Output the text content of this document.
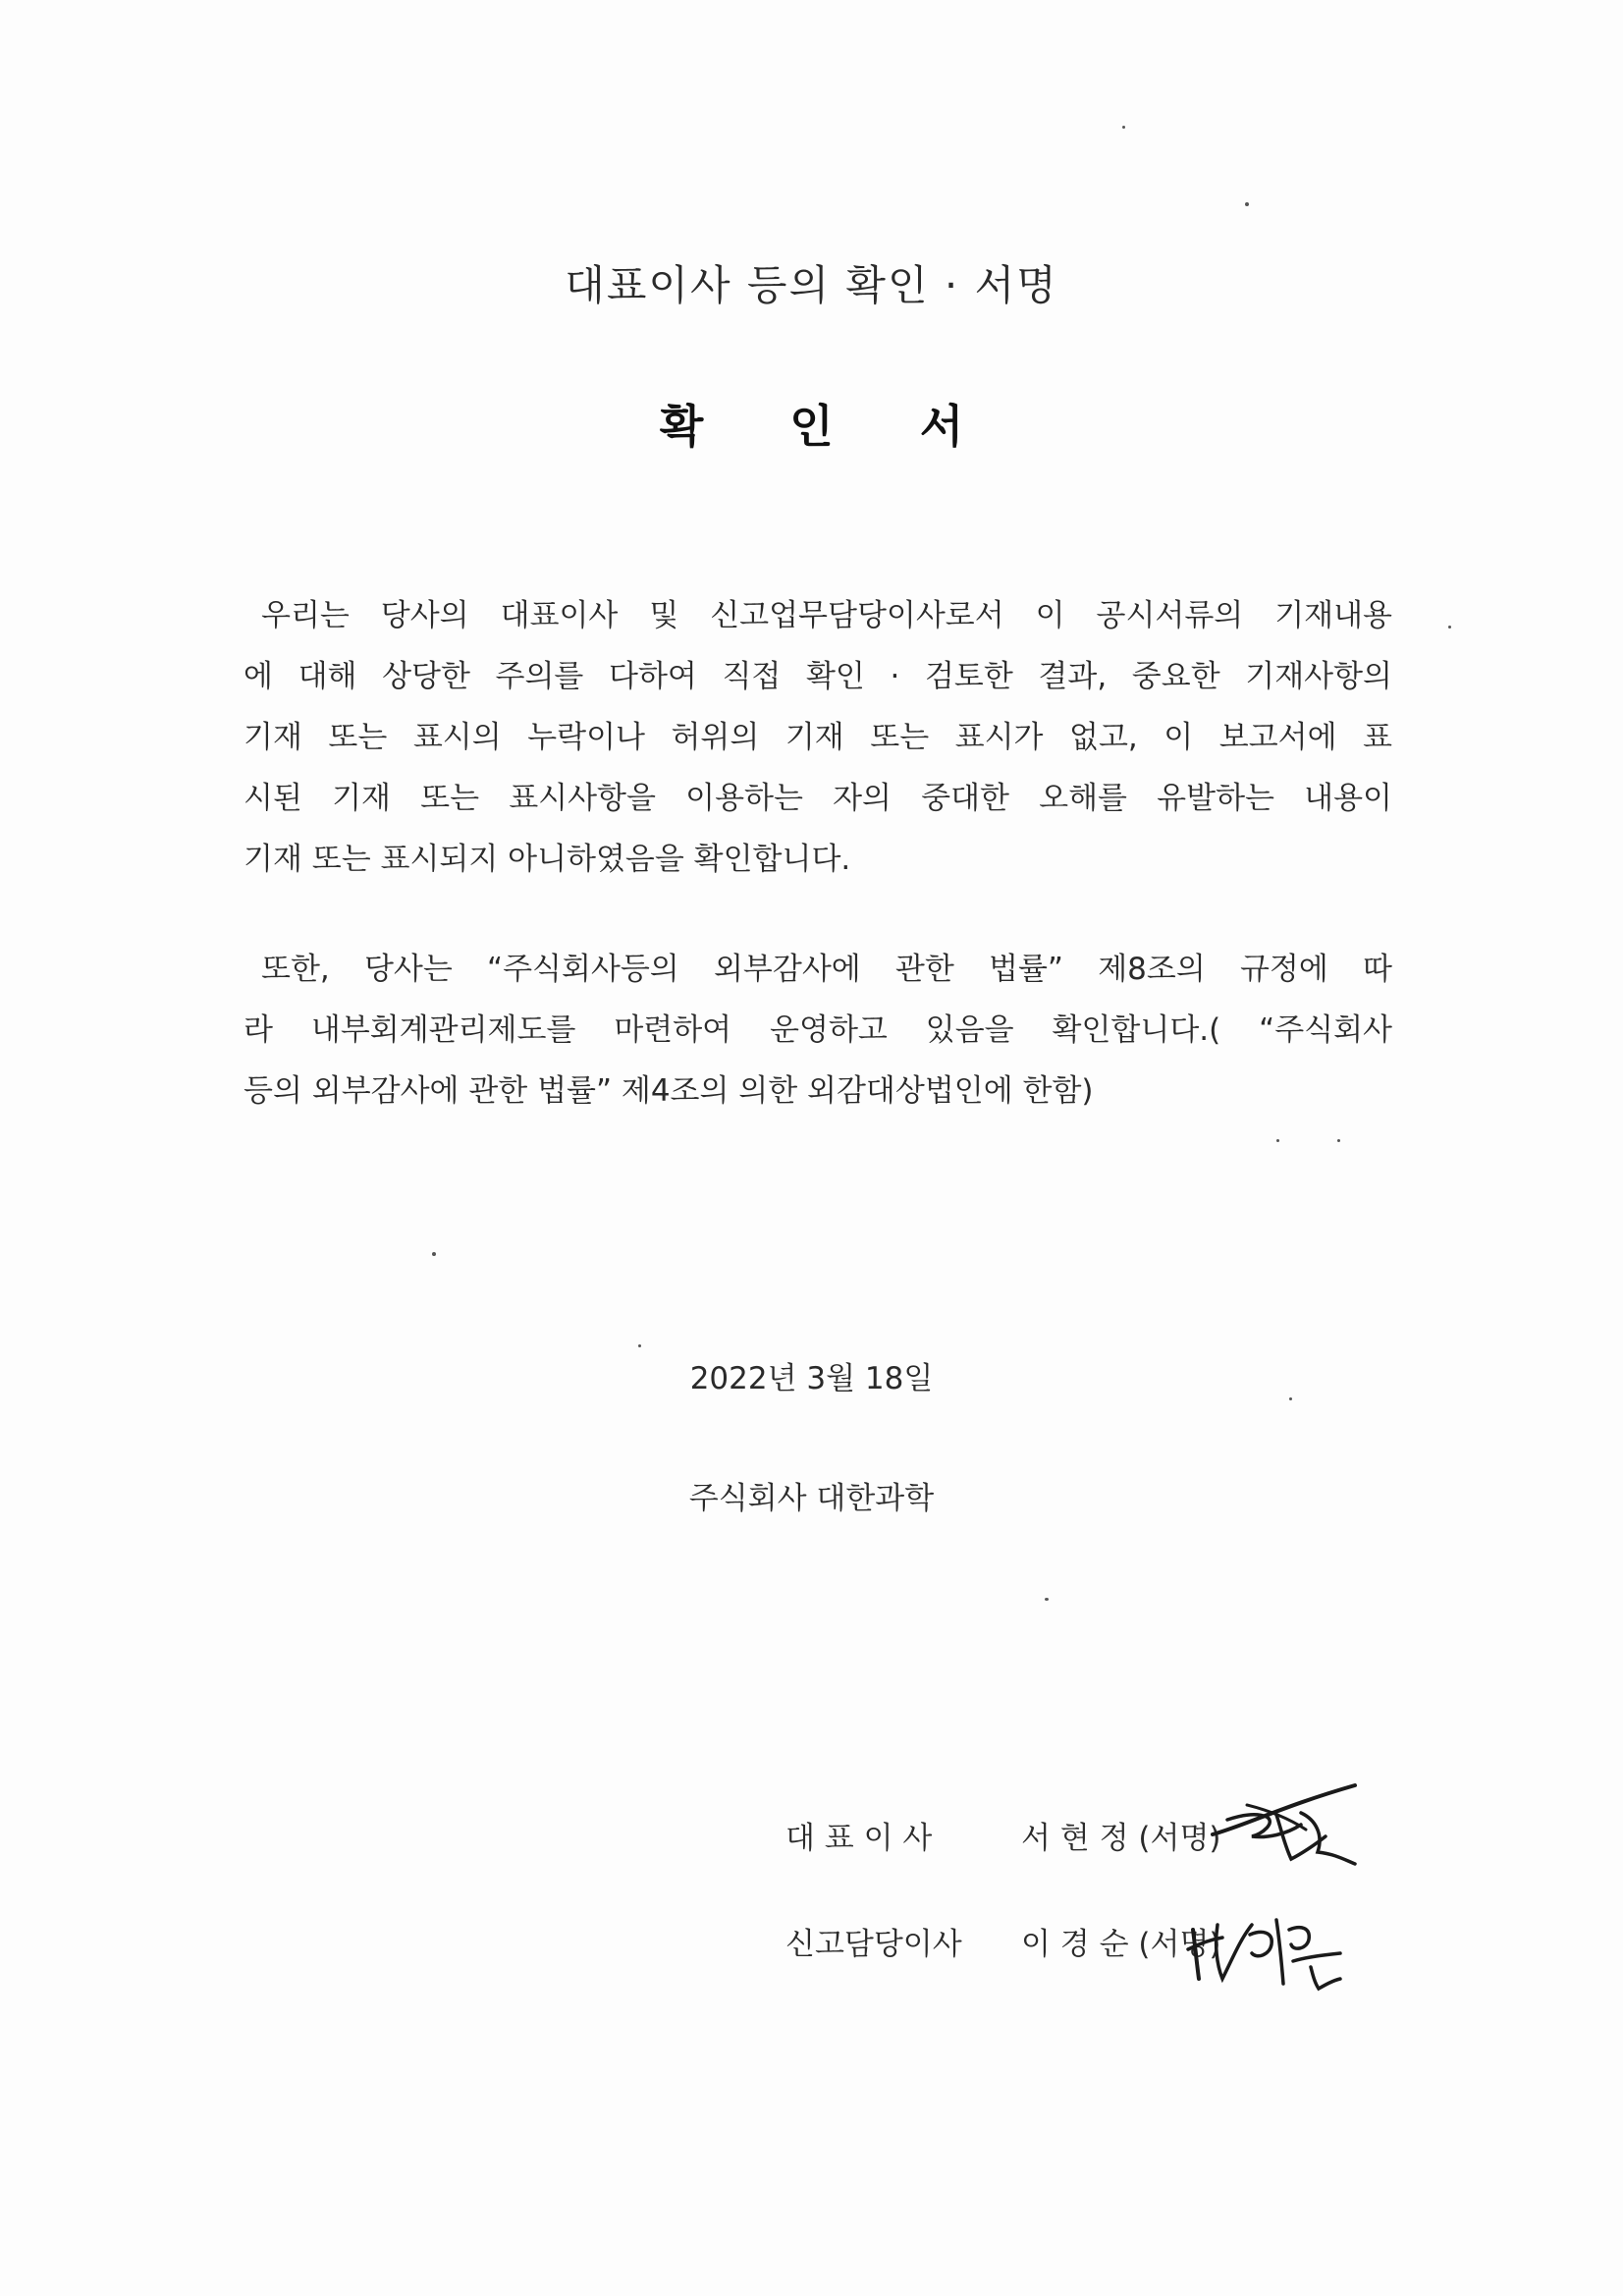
대표이사 등의 확인 · 서명
확 인 서
우리는 당사의 대표이사 및 신고업무담당이사로서 이 공시서류의 기재내용
에 대해 상당한 주의를 다하여 직접 확인 · 검토한 결과, 중요한 기재사항의
기재 또는 표시의 누락이나 허위의 기재 또는 표시가 없고, 이 보고서에 표
시된 기재 또는 표시사항을 이용하는 자의 중대한 오해를 유발하는 내용이
기재 또는 표시되지 아니하였음을 확인합니다.
또한, 당사는 “주식회사등의 외부감사에 관한 법률” 제8조의 규정에 따
라 내부회계관리제도를 마련하여 운영하고 있음을 확인합니다.( “주식회사
등의 외부감사에 관한 법률” 제4조의 의한 외감대상법인에 한함)
2022년 3월 18일
주식회사 대한과학
대 표 이 사	서 현 정 (서명)
신고담당이사 이 경 순 (서명)
